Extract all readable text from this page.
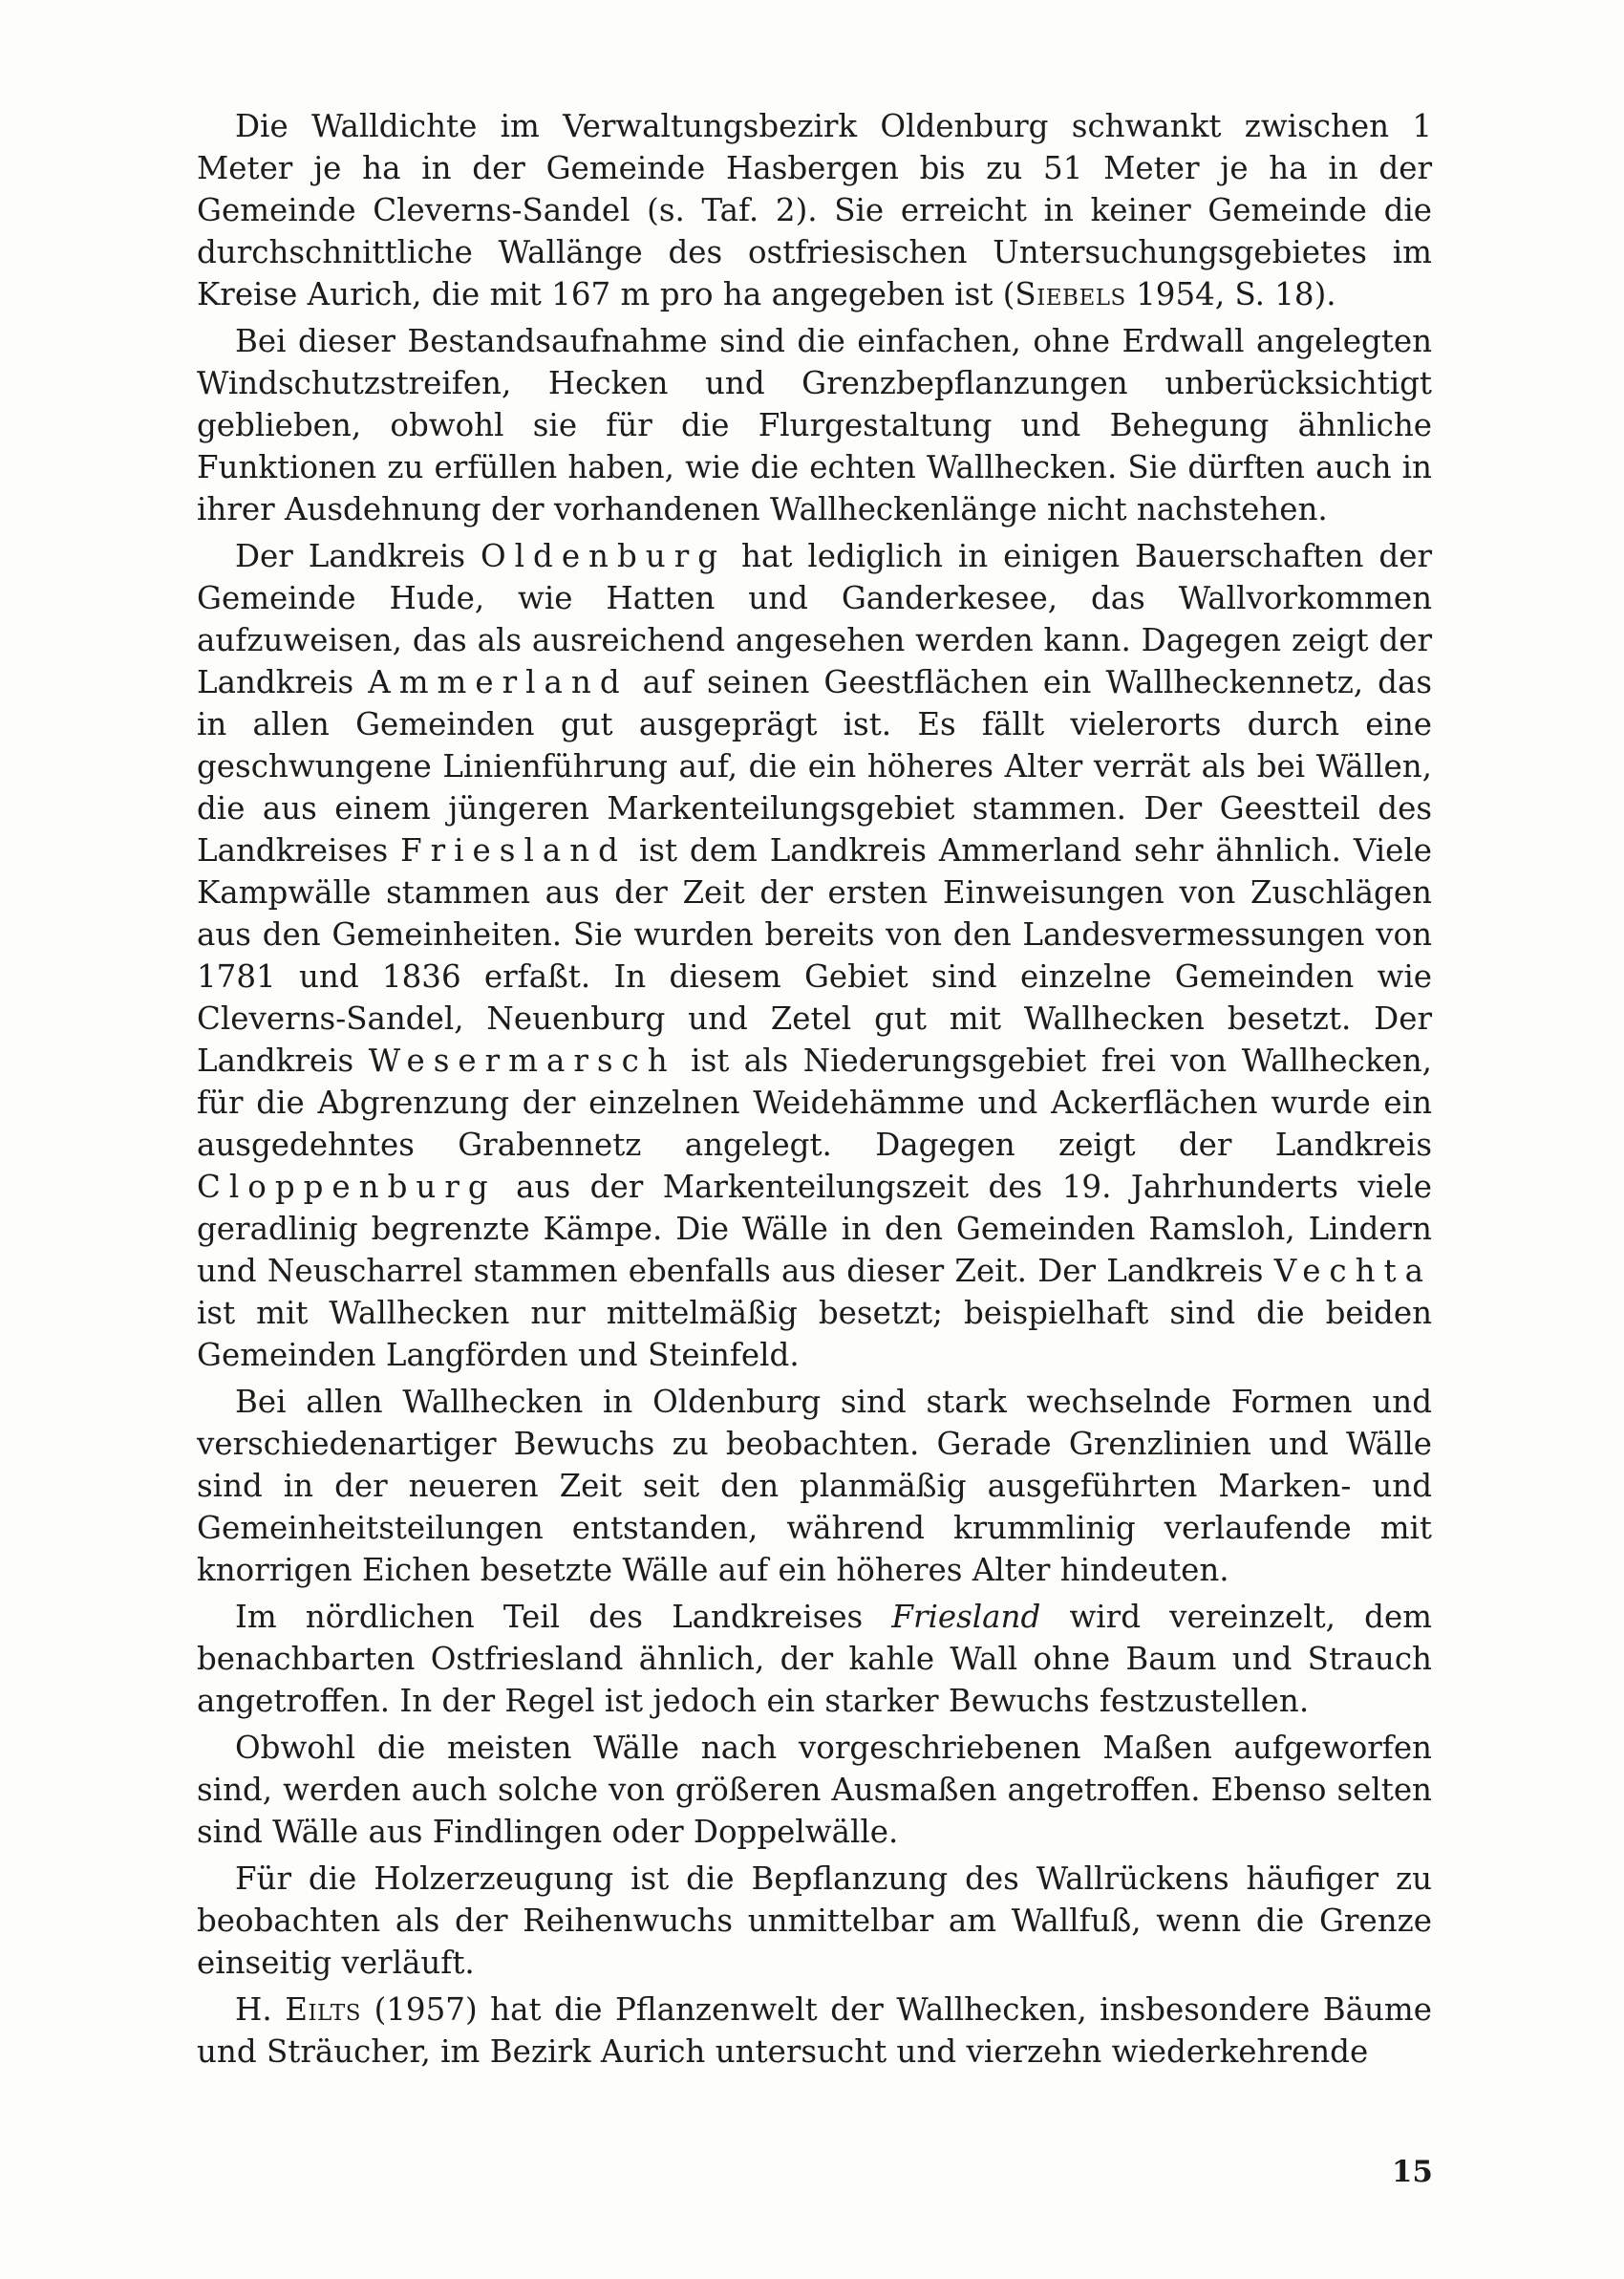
Die Walldichte im Verwaltungsbezirk Oldenburg schwankt zwischen 1 Meter je ha in der Gemeinde Hasbergen bis zu 51 Meter je ha in der Gemeinde Cleverns-Sandel (s. Taf. 2). Sie erreicht in keiner Gemeinde die durchschnittliche Wallänge des ostfriesischen Untersuchungsgebietes im Kreise Aurich, die mit 167 m pro ha angegeben ist (Siebels 1954, S. 18).

Bei dieser Bestandsaufnahme sind die einfachen, ohne Erdwall angelegten Windschutzstreifen, Hecken und Grenzbepflanzungen unberücksichtigt geblieben, obwohl sie für die Flurgestaltung und Behegung ähnliche Funktionen zu erfüllen haben, wie die echten Wallhecken. Sie dürften auch in ihrer Ausdehnung der vorhandenen Wallheckenlänge nicht nachstehen.

Der Landkreis Oldenburg hat lediglich in einigen Bauerschaften der Gemeinde Hude, wie Hatten und Ganderkesee, das Wallvorkommen aufzuweisen, das als ausreichend angesehen werden kann. Dagegen zeigt der Landkreis Ammerland auf seinen Geestflächen ein Wallheckennetz, das in allen Gemeinden gut ausgeprägt ist. Es fällt vielerorts durch eine geschwungene Linienführung auf, die ein höheres Alter verrät als bei Wällen, die aus einem jüngeren Markenteilungsgebiet stammen. Der Geestteil des Landkreises Friesland ist dem Landkreis Ammerland sehr ähnlich. Viele Kampwälle stammen aus der Zeit der ersten Einweisungen von Zuschlägen aus den Gemeinheiten. Sie wurden bereits von den Landesvermessungen von 1781 und 1836 erfaßt. In diesem Gebiet sind einzelne Gemeinden wie Cleverns-Sandel, Neuenburg und Zetel gut mit Wallhecken besetzt. Der Landkreis Wesermarsch ist als Niederungsgebiet frei von Wallhecken, für die Abgrenzung der einzelnen Weidehämme und Ackerflächen wurde ein ausgedehntes Grabennetz angelegt. Dagegen zeigt der Landkreis Cloppenburg aus der Markenteilungszeit des 19. Jahrhunderts viele geradlinig begrenzte Kämpe. Die Wälle in den Gemeinden Ramsloh, Lindern und Neuscharrel stammen ebenfalls aus dieser Zeit. Der Landkreis Vechta ist mit Wallhecken nur mittelmäßig besetzt; beispielhaft sind die beiden Gemeinden Langförden und Steinfeld.

Bei allen Wallhecken in Oldenburg sind stark wechselnde Formen und verschiedenartiger Bewuchs zu beobachten. Gerade Grenzlinien und Wälle sind in der neueren Zeit seit den planmäßig ausgeführten Marken- und Gemeinheitsteilungen entstanden, während krummlinig verlaufende mit knorrigen Eichen besetzte Wälle auf ein höheres Alter hindeuten.

Im nördlichen Teil des Landkreises Friesland wird vereinzelt, dem benachbarten Ostfriesland ähnlich, der kahle Wall ohne Baum und Strauch angetroffen. In der Regel ist jedoch ein starker Bewuchs festzustellen.

Obwohl die meisten Wälle nach vorgeschriebenen Maßen aufgeworfen sind, werden auch solche von größeren Ausmaßen angetroffen. Ebenso selten sind Wälle aus Findlingen oder Doppelwälle.

Für die Holzerzeugung ist die Bepflanzung des Wallrückens häufiger zu beobachten als der Reihenwuchs unmittelbar am Wallfuß, wenn die Grenze einseitig verläuft.

H. Eilts (1957) hat die Pflanzenwelt der Wallhecken, insbesondere Bäume und Sträucher, im Bezirk Aurich untersucht und vierzehn wiederkehrende

15
